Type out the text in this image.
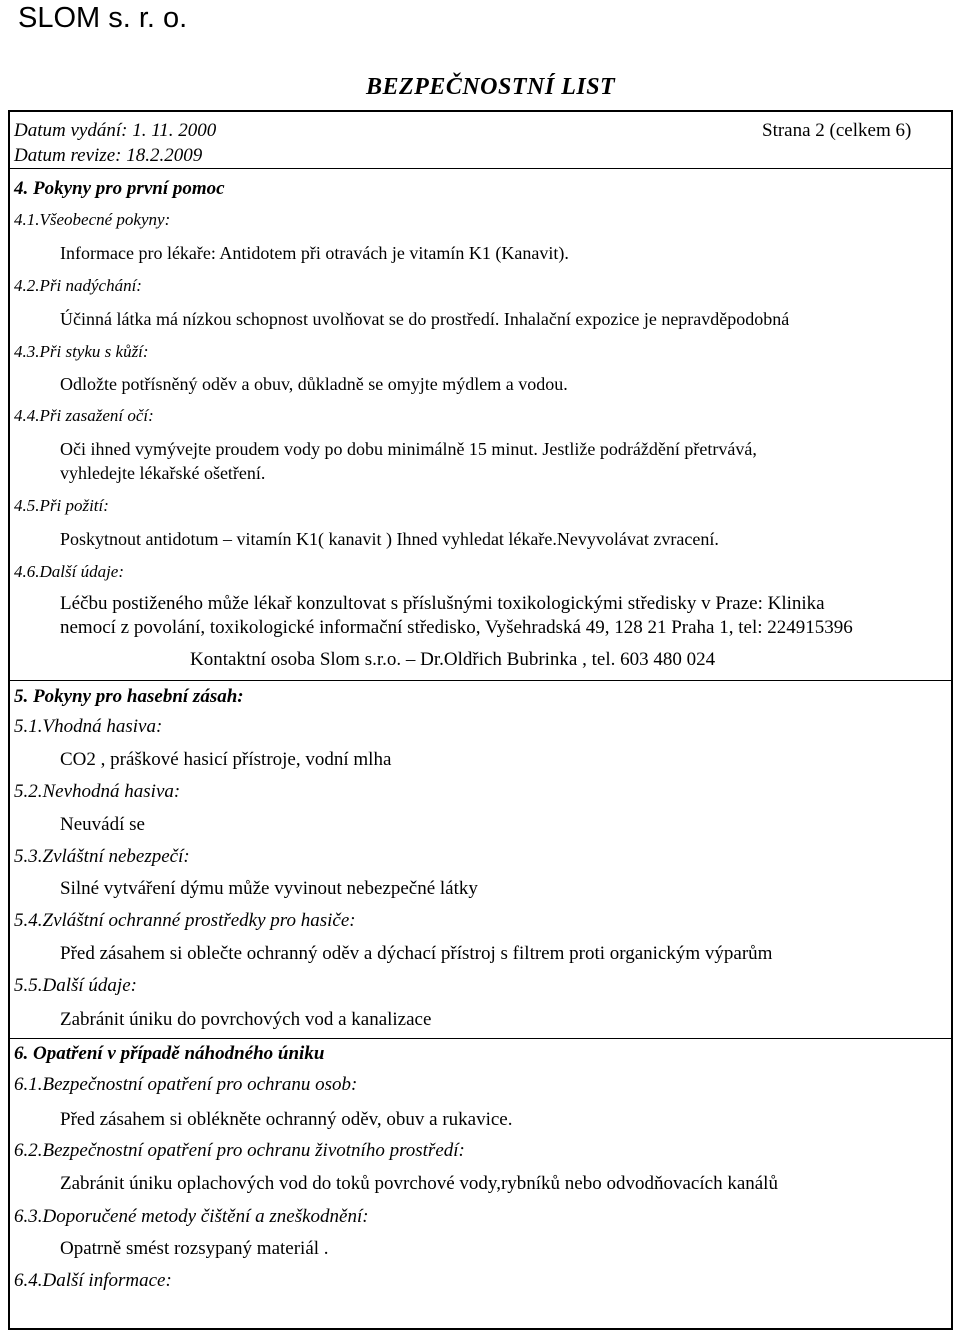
SLOM s. r. o.
BEZPEČNOSTNÍ LIST
Datum vydání: 1. 11. 2000
Datum revize: 18.2.2009
Strana 2 (celkem 6)
4. Pokyny pro první pomoc
4.1.Všeobecné pokyny:
Informace pro lékaře: Antidotem při otravách je vitamín K1 (Kanavit).
4.2.Při nadýchání:
Účinná látka má nízkou schopnost uvolňovat se do prostředí. Inhalační expozice je nepravděpodobná
4.3.Při styku s kůží:
Odložte potřísněný oděv a obuv, důkladně se omyjte mýdlem a vodou.
4.4.Při zasažení očí:
Oči ihned vymývejte proudem vody po dobu minimálně 15 minut. Jestliže podráždění přetrvává,
vyhledejte lékařské ošetření.
4.5.Při požití:
Poskytnout antidotum – vitamín K1( kanavit ) Ihned vyhledat lékaře.Nevyvolávat zvracení.
4.6.Další údaje:
Léčbu postiženého může lékař konzultovat s příslušnými toxikologickými středisky v Praze: Klinika
nemocí z povolání, toxikologické informační středisko, Vyšehradská 49, 128 21 Praha 1, tel: 224915396
Kontaktní osoba Slom s.r.o. – Dr.Oldřich Bubrinka , tel. 603 480 024
5. Pokyny pro hasební zásah:
5.1.Vhodná hasiva:
CO2 , práškové hasicí přístroje, vodní mlha
5.2.Nevhodná hasiva:
Neuvádí se
5.3.Zvláštní nebezpečí:
Silné vytváření dýmu může vyvinout nebezpečné látky
5.4.Zvláštní ochranné prostředky pro hasiče:
Před zásahem si oblečte ochranný oděv a dýchací přístroj s filtrem proti organickým výparům
5.5.Další údaje:
Zabránit úniku do povrchových vod a kanalizace
6. Opatření v případě náhodného úniku
6.1.Bezpečnostní opatření pro ochranu osob:
Před zásahem si oblékněte ochranný oděv, obuv a rukavice.
6.2.Bezpečnostní opatření pro ochranu životního prostředí:
Zabránit úniku oplachových vod do toků povrchové vody,rybníků nebo odvodňovacích kanálů
6.3.Doporučené metody čištění a zneškodnění:
Opatrně smést rozsypaný materiál .
6.4.Další informace:
